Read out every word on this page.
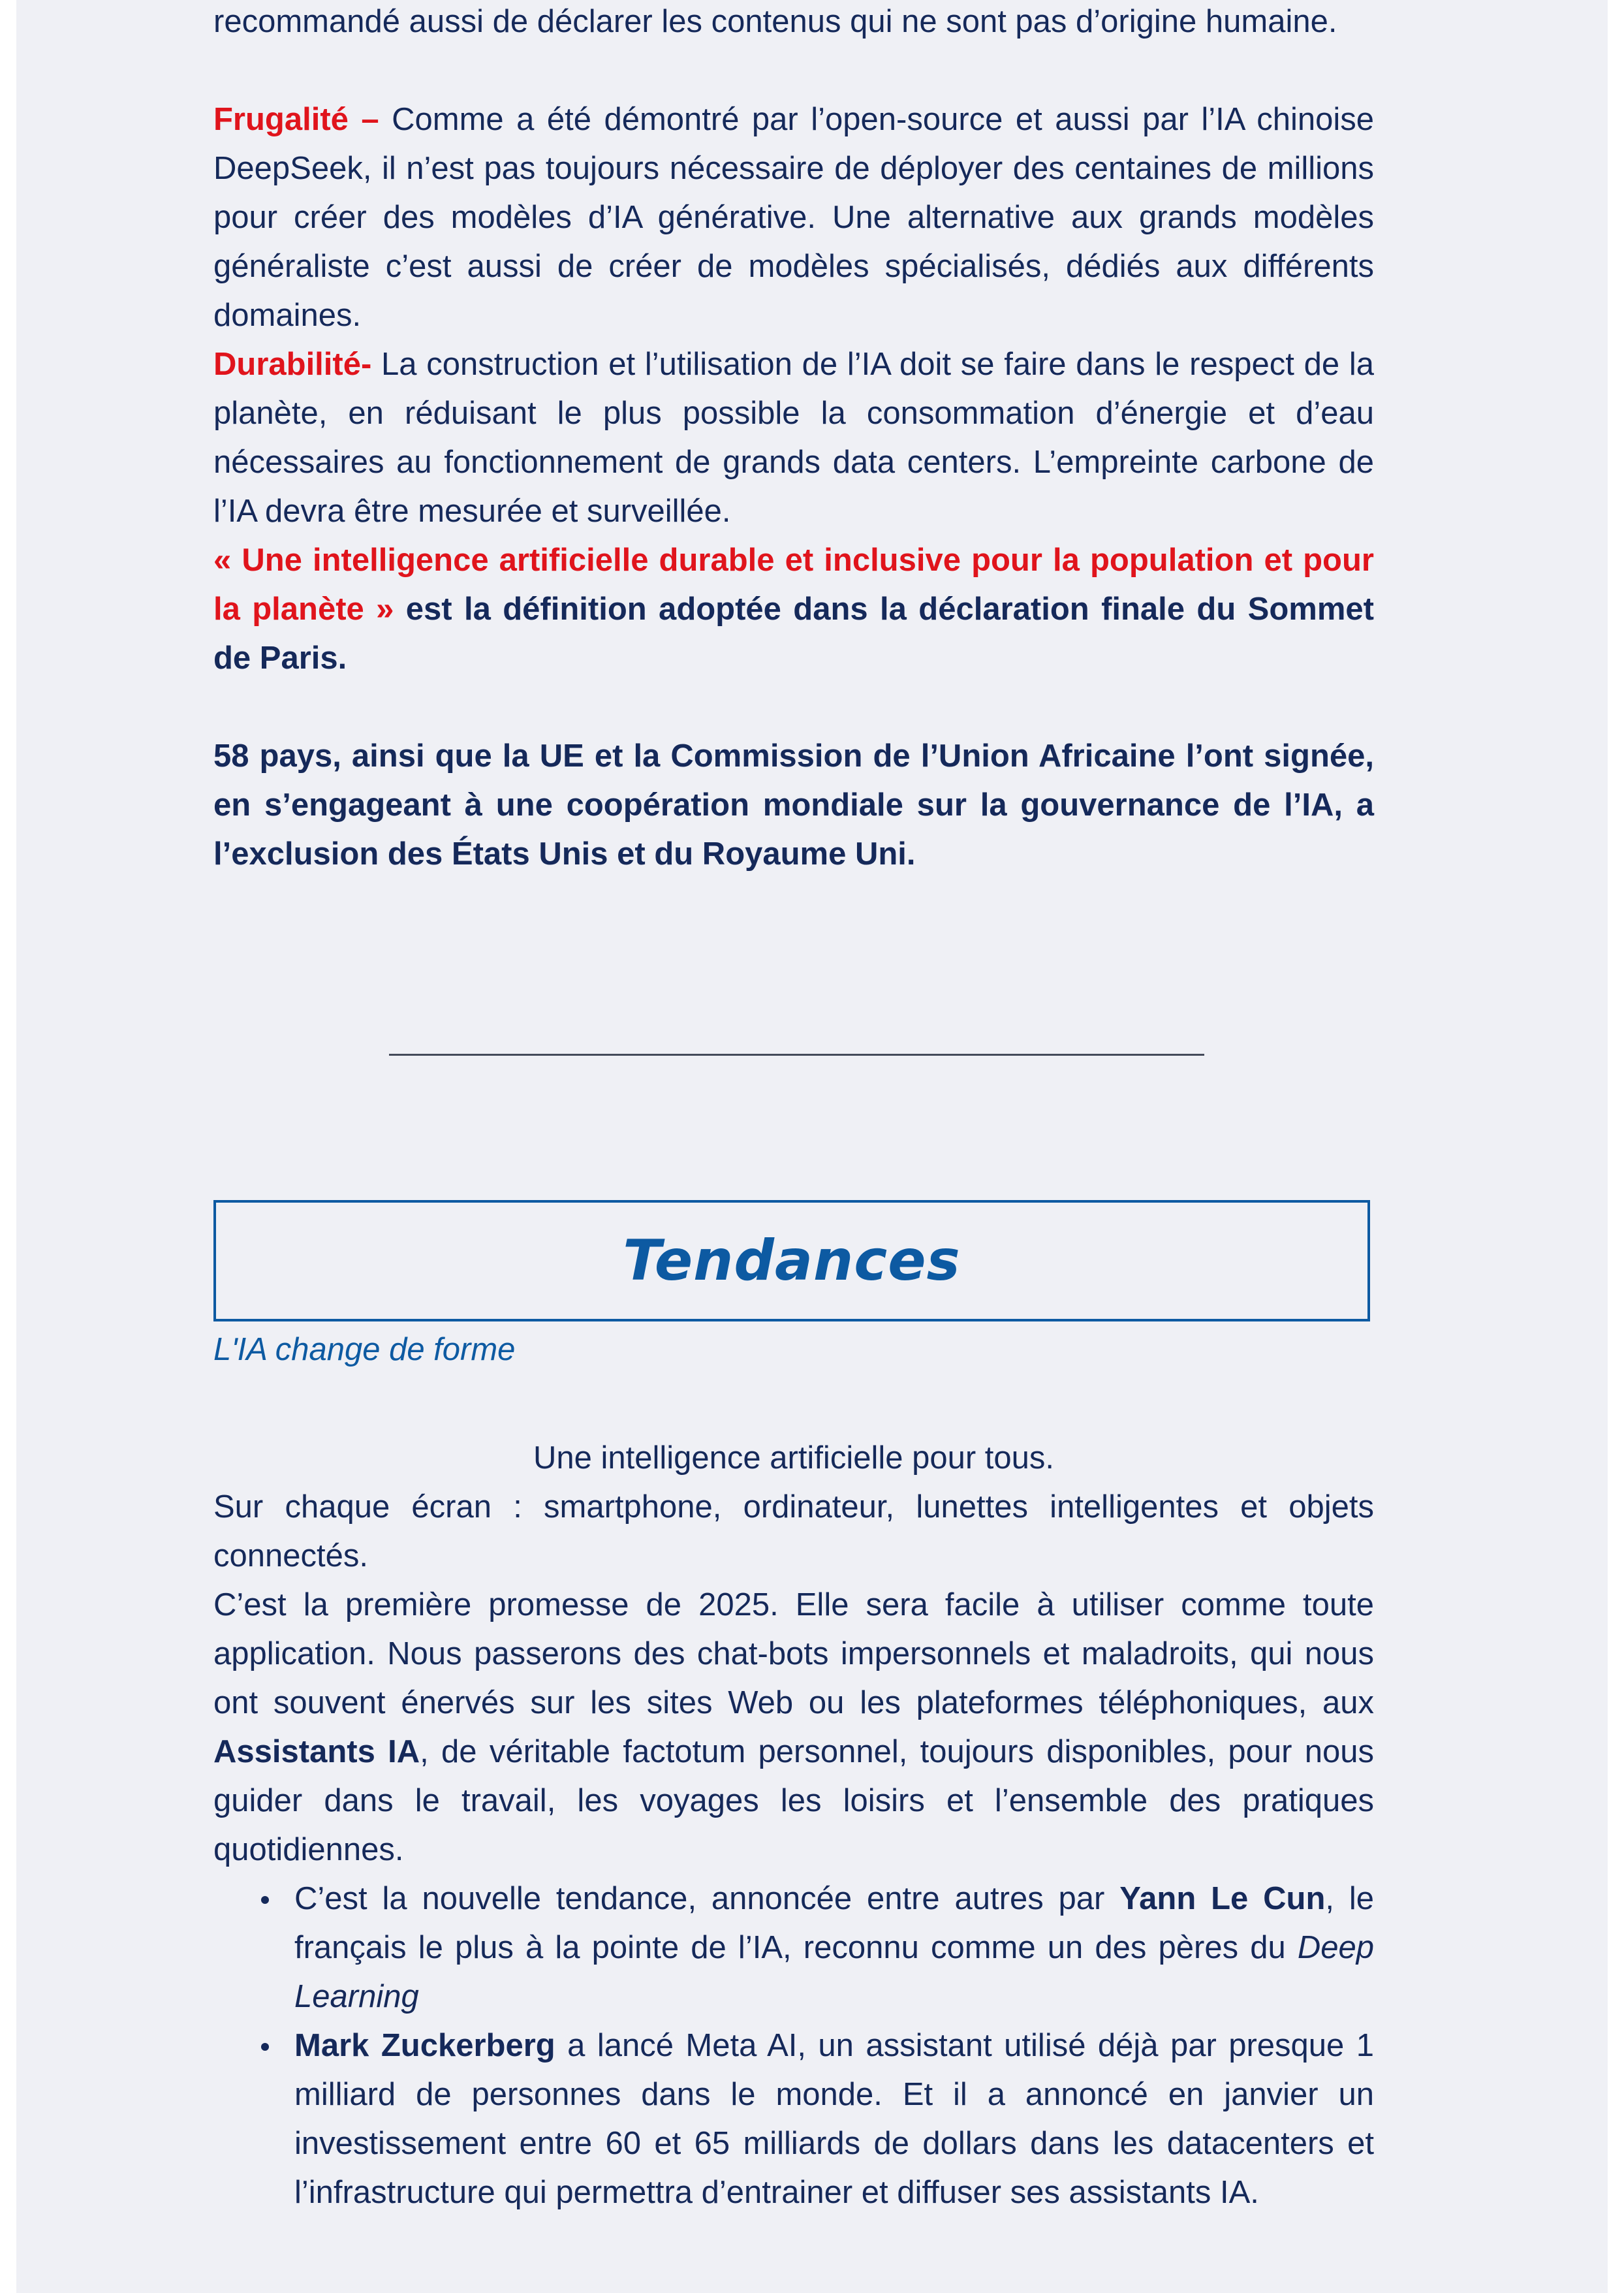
recommandé aussi de déclarer les contenus qui ne sont pas d’origine humaine.

Frugalité – Comme a été démontré par l’open-source et aussi par l’IA chinoise DeepSeek, il n’est pas toujours nécessaire de déployer des centaines de millions pour créer des modèles d’IA générative. Une alternative aux grands modèles généraliste c’est aussi de créer de modèles spécialisés, dédiés aux différents domaines.

Durabilité- La construction et l’utilisation de l’IA doit se faire dans le respect de la planète, en réduisant le plus possible la consommation d’énergie et d’eau nécessaires au fonctionnement de grands data centers. L’empreinte carbone de l’IA devra être mesurée et surveillée.

« Une intelligence artificielle durable et inclusive pour la population et pour la planète » est la définition adoptée dans la déclaration finale du Sommet de Paris.

58 pays, ainsi que la UE et la Commission de l’Union Africaine l’ont signée, en s’engageant à une coopération mondiale sur la gouvernance de l’IA, a l’exclusion des États Unis et du Royaume Uni.

Tendances
L'IA change de forme

Une intelligence artificielle pour tous.

Sur chaque écran : smartphone, ordinateur, lunettes intelligentes et objets connectés.

C’est la première promesse de 2025. Elle sera facile à utiliser comme toute application. Nous passerons des chat-bots impersonnels et maladroits, qui nous ont souvent énervés sur les sites Web ou les plateformes téléphoniques, aux Assistants IA, de véritable factotum personnel, toujours disponibles, pour nous guider dans le travail, les voyages les loisirs et l’ensemble des pratiques quotidiennes.

C’est la nouvelle tendance, annoncée entre autres par Yann Le Cun, le français le plus à la pointe de l’IA, reconnu comme un des pères du Deep Learning
Mark Zuckerberg a lancé Meta AI, un assistant utilisé déjà par presque 1 milliard de personnes dans le monde. Et il a annoncé en janvier un investissement entre 60 et 65 milliards de dollars dans les datacenters et l’infrastructure qui permettra d’entrainer et diffuser ses assistants IA.
